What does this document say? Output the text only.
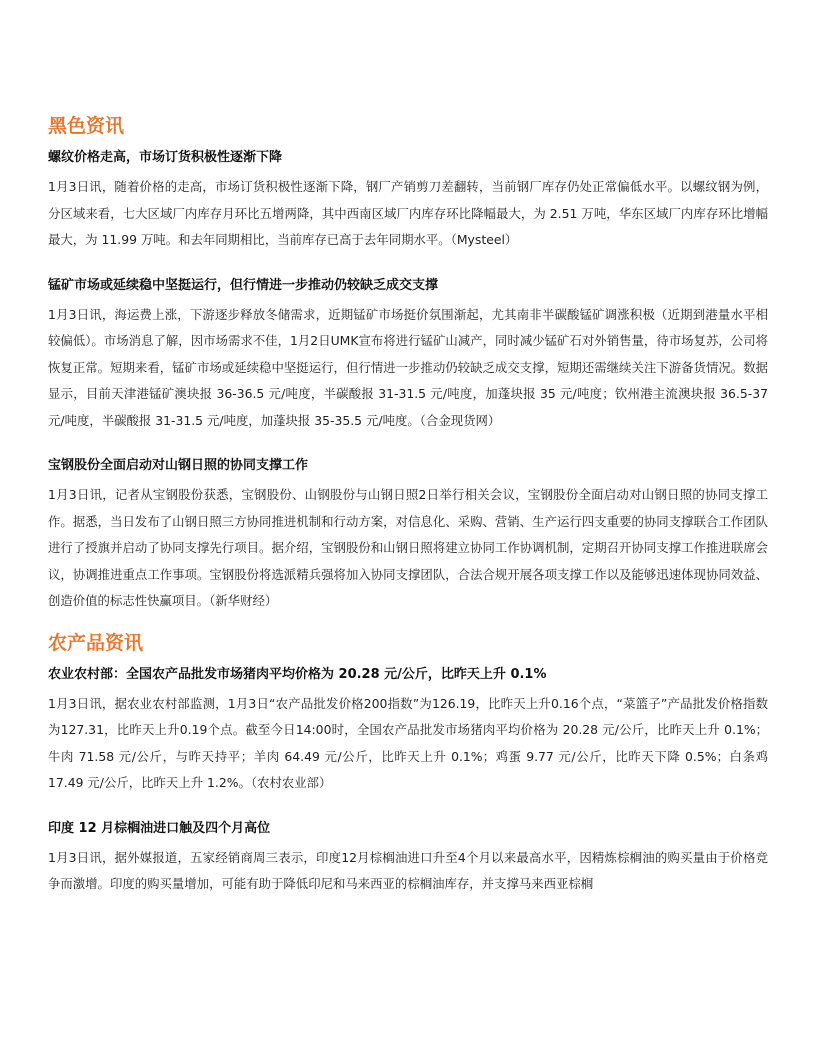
黑色资讯
螺纹价格走高，市场订货积极性逐渐下降

1月3日讯，随着价格的走高，市场订货积极性逐渐下降，钢厂产销剪刀差翻转，当前钢厂库存仍处正常偏低水平。以螺纹钢为例，分区域来看，七大区域厂内库存月环比五增两降，其中西南区域厂内库存环比降幅最大，为 2.51 万吨，华东区域厂内库存环比增幅最大，为 11.99 万吨。和去年同期相比，当前库存已高于去年同期水平。（Mysteel）

锰矿市场或延续稳中坚挺运行，但行情进一步推动仍较缺乏成交支撑

1月3日讯，海运费上涨，下游逐步释放冬储需求，近期锰矿市场挺价氛围渐起，尤其南非半碳酸锰矿调涨积极（近期到港量水平相较偏低）。市场消息了解，因市场需求不佳，1月2日UMK宣布将进行锰矿山减产，同时减少锰矿石对外销售量，待市场复苏，公司将恢复正常。短期来看，锰矿市场或延续稳中坚挺运行，但行情进一步推动仍较缺乏成交支撑，短期还需继续关注下游备货情况。数据显示，目前天津港锰矿澳块报 36-36.5 元/吨度，半碳酸报 31-31.5 元/吨度，加蓬块报 35 元/吨度；钦州港主流澳块报 36.5-37 元/吨度，半碳酸报 31-31.5 元/吨度，加蓬块报 35-35.5 元/吨度。（合金现货网）

宝钢股份全面启动对山钢日照的协同支撑工作

1月3日讯，记者从宝钢股份获悉，宝钢股份、山钢股份与山钢日照2日举行相关会议，宝钢股份全面启动对山钢日照的协同支撑工作。据悉，当日发布了山钢日照三方协同推进机制和行动方案，对信息化、采购、营销、生产运行四支重要的协同支撑联合工作团队进行了授旗并启动了协同支撑先行项目。据介绍，宝钢股份和山钢日照将建立协同工作协调机制，定期召开协同支撑工作推进联席会议，协调推进重点工作事项。宝钢股份将选派精兵强将加入协同支撑团队，合法合规开展各项支撑工作以及能够迅速体现协同效益、创造价值的标志性快赢项目。（新华财经）

农产品资讯
农业农村部：全国农产品批发市场猪肉平均价格为 20.28 元/公斤，比昨天上升 0.1%

1月3日讯，据农业农村部监测，1月3日“农产品批发价格200指数”为126.19，比昨天上升0.16个点，“菜篮子”产品批发价格指数为127.31，比昨天上升0.19个点。截至今日14:00时，全国农产品批发市场猪肉平均价格为 20.28 元/公斤，比昨天上升 0.1%；牛肉 71.58 元/公斤，与昨天持平；羊肉 64.49 元/公斤，比昨天上升 0.1%；鸡蛋 9.77 元/公斤，比昨天下降 0.5%；白条鸡 17.49 元/公斤，比昨天上升 1.2%。（农村农业部）

印度 12 月棕榈油进口触及四个月高位

1月3日讯，据外媒报道，五家经销商周三表示，印度12月棕榈油进口升至4个月以来最高水平，因精炼棕榈油的购买量由于价格竞争而激增。印度的购买量增加，可能有助于降低印尼和马来西亚的棕榈油库存，并支撑马来西亚棕榈
